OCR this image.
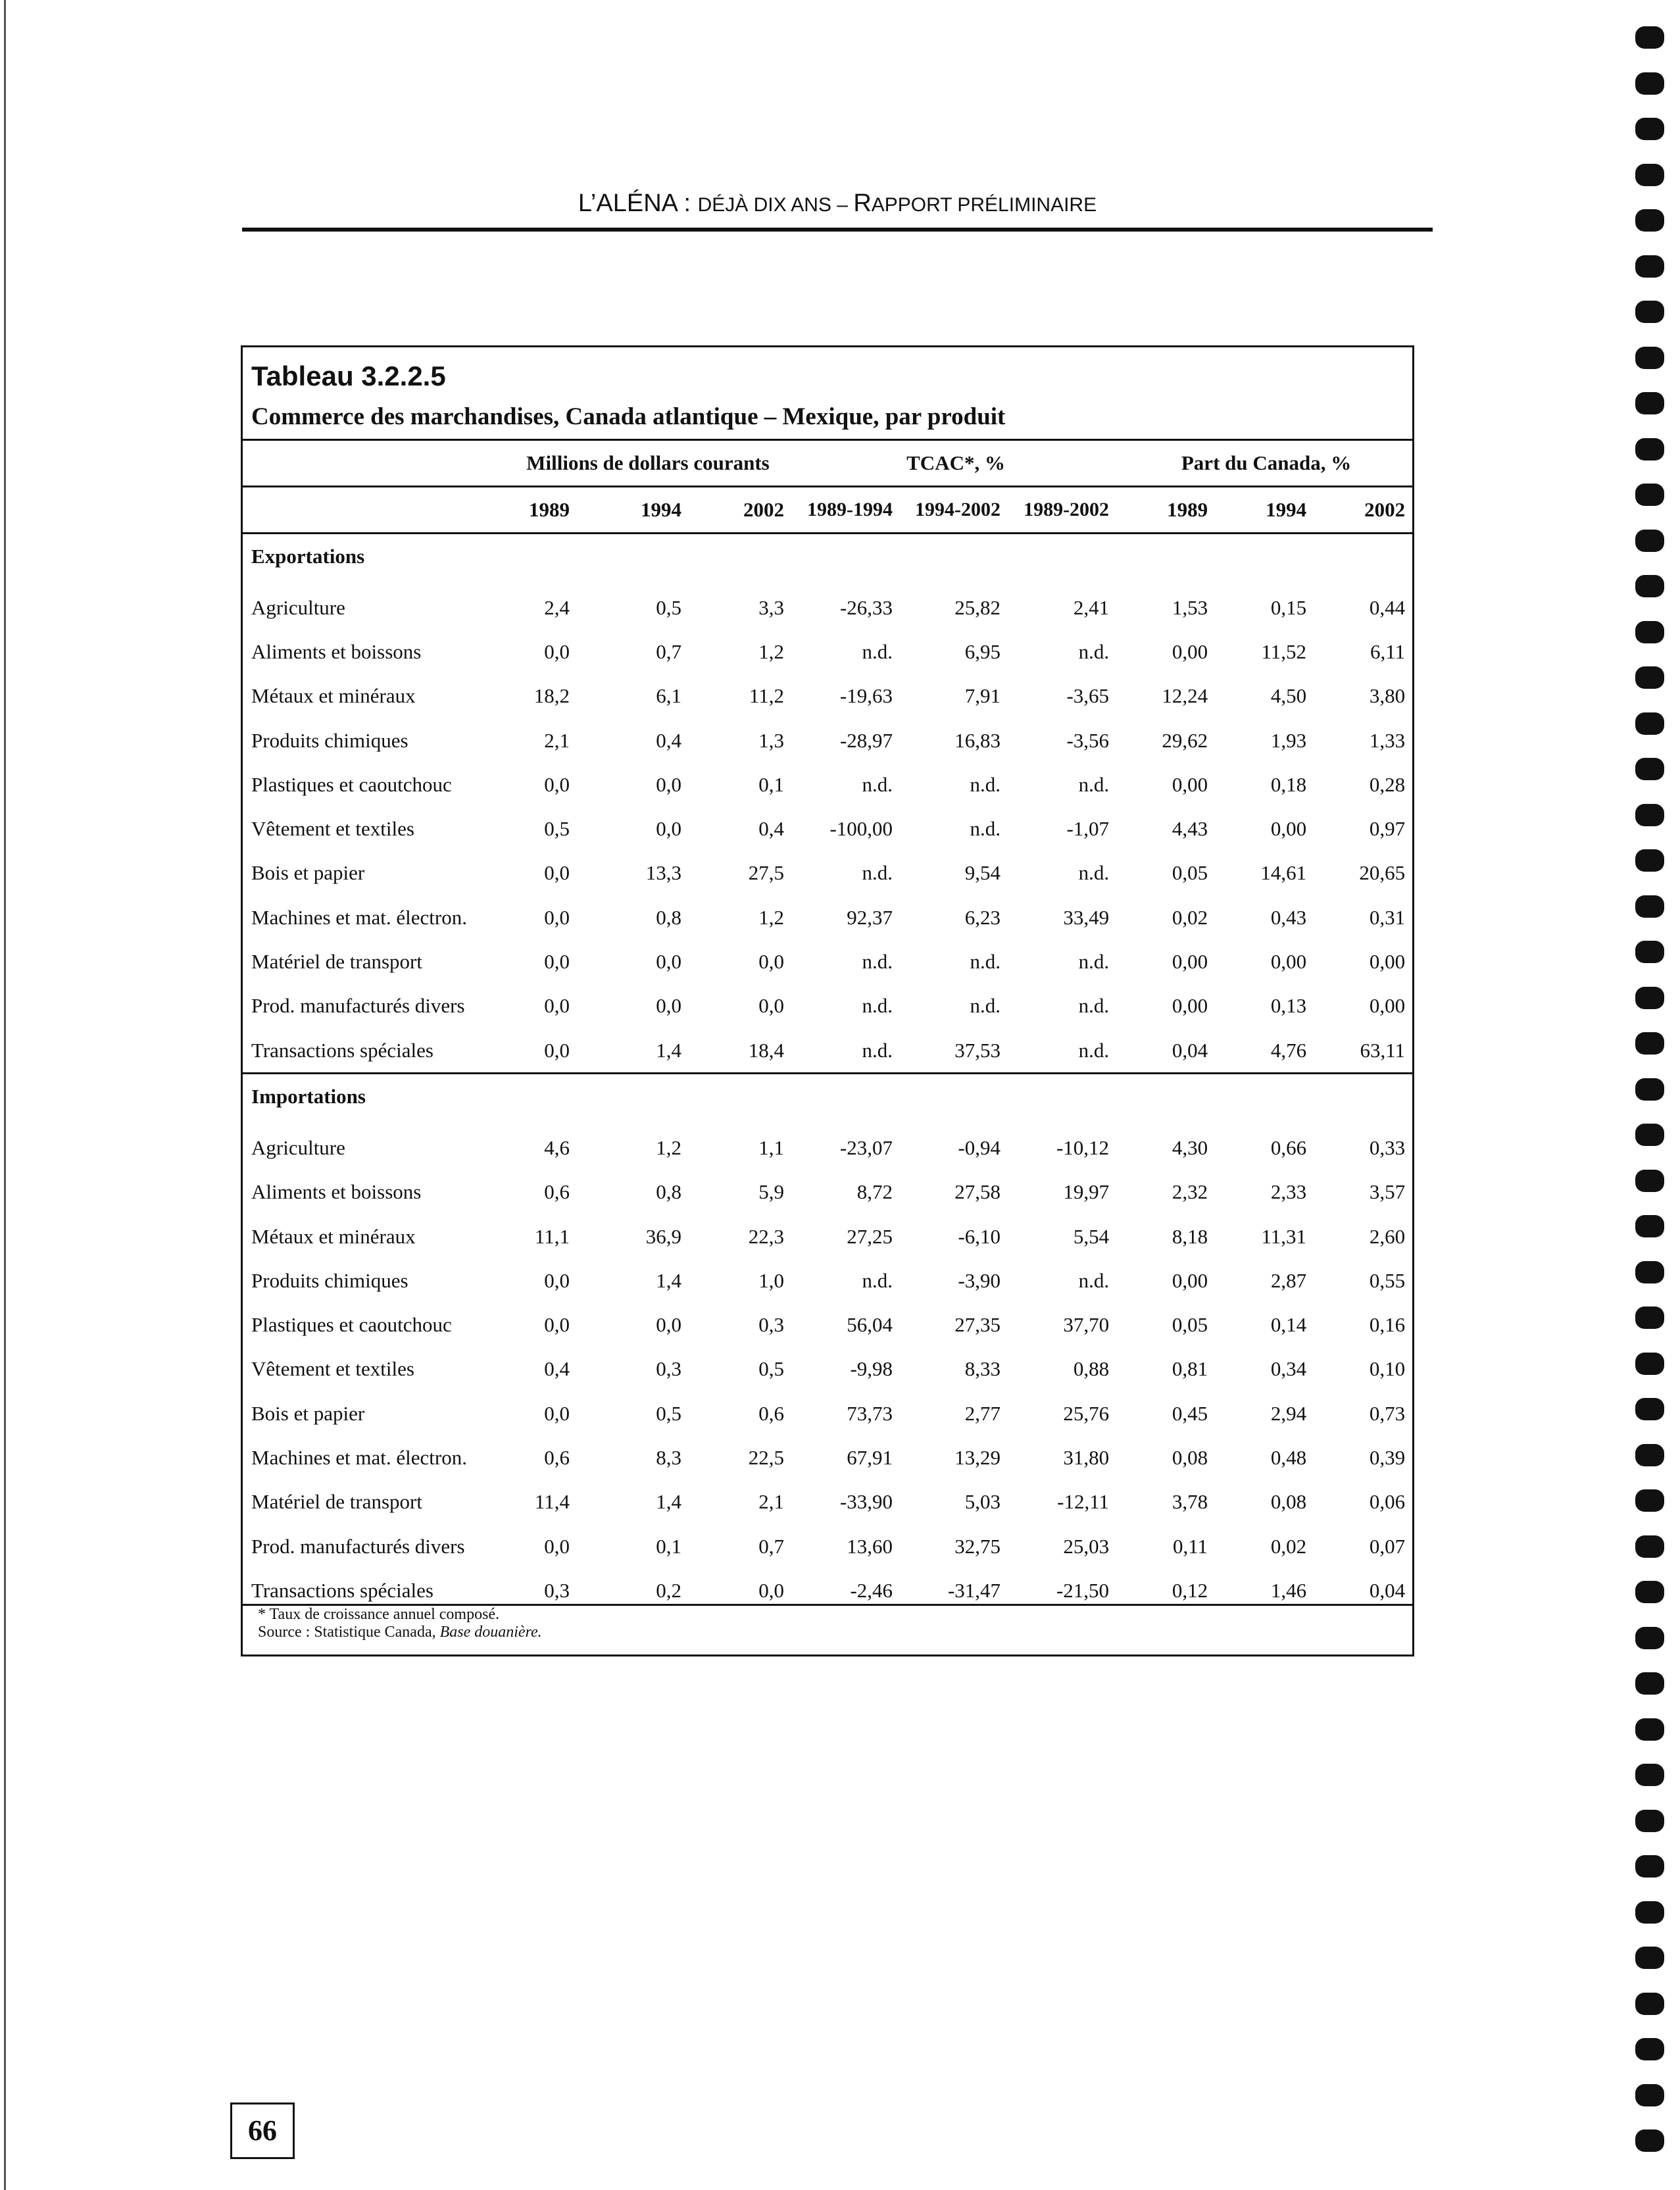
L’ALÉNA : DÉJÀ DIX ANS – RAPPORT PRÉLIMINAIRE
Tableau 3.2.2.5
Commerce des marchandises, Canada atlantique – Mexique, par produit
	Millions de dollars courants			TCAC*, %			Part du Canada, %		
	1989	1994	2002	1989-1994	1994-2002	1989-2002	1989	1994	2002
Exportations									
Agriculture	2,4	0,5	3,3	-26,33	25,82	2,41	1,53	0,15	0,44
Aliments et boissons	0,0	0,7	1,2	n.d.	6,95	n.d.	0,00	11,52	6,11
Métaux et minéraux	18,2	6,1	11,2	-19,63	7,91	-3,65	12,24	4,50	3,80
Produits chimiques	2,1	0,4	1,3	-28,97	16,83	-3,56	29,62	1,93	1,33
Plastiques et caoutchouc	0,0	0,0	0,1	n.d.	n.d.	n.d.	0,00	0,18	0,28
Vêtement et textiles	0,5	0,0	0,4	-100,00	n.d.	-1,07	4,43	0,00	0,97
Bois et papier	0,0	13,3	27,5	n.d.	9,54	n.d.	0,05	14,61	20,65
Machines et mat. électron.	0,0	0,8	1,2	92,37	6,23	33,49	0,02	0,43	0,31
Matériel de transport	0,0	0,0	0,0	n.d.	n.d.	n.d.	0,00	0,00	0,00
Prod. manufacturés divers	0,0	0,0	0,0	n.d.	n.d.	n.d.	0,00	0,13	0,00
Transactions spéciales	0,0	1,4	18,4	n.d.	37,53	n.d.	0,04	4,76	63,11
Importations									
Agriculture	4,6	1,2	1,1	-23,07	-0,94	-10,12	4,30	0,66	0,33
Aliments et boissons	0,6	0,8	5,9	8,72	27,58	19,97	2,32	2,33	3,57
Métaux et minéraux	11,1	36,9	22,3	27,25	-6,10	5,54	8,18	11,31	2,60
Produits chimiques	0,0	1,4	1,0	n.d.	-3,90	n.d.	0,00	2,87	0,55
Plastiques et caoutchouc	0,0	0,0	0,3	56,04	27,35	37,70	0,05	0,14	0,16
Vêtement et textiles	0,4	0,3	0,5	-9,98	8,33	0,88	0,81	0,34	0,10
Bois et papier	0,0	0,5	0,6	73,73	2,77	25,76	0,45	2,94	0,73
Machines et mat. électron.	0,6	8,3	22,5	67,91	13,29	31,80	0,08	0,48	0,39
Matériel de transport	11,4	1,4	2,1	-33,90	5,03	-12,11	3,78	0,08	0,06
Prod. manufacturés divers	0,0	0,1	0,7	13,60	32,75	25,03	0,11	0,02	0,07
Transactions spéciales	0,3	0,2	0,0	-2,46	-31,47	-21,50	0,12	1,46	0,04
* Taux de croissance annuel composé.
Source : Statistique Canada, Base douanière.
66
